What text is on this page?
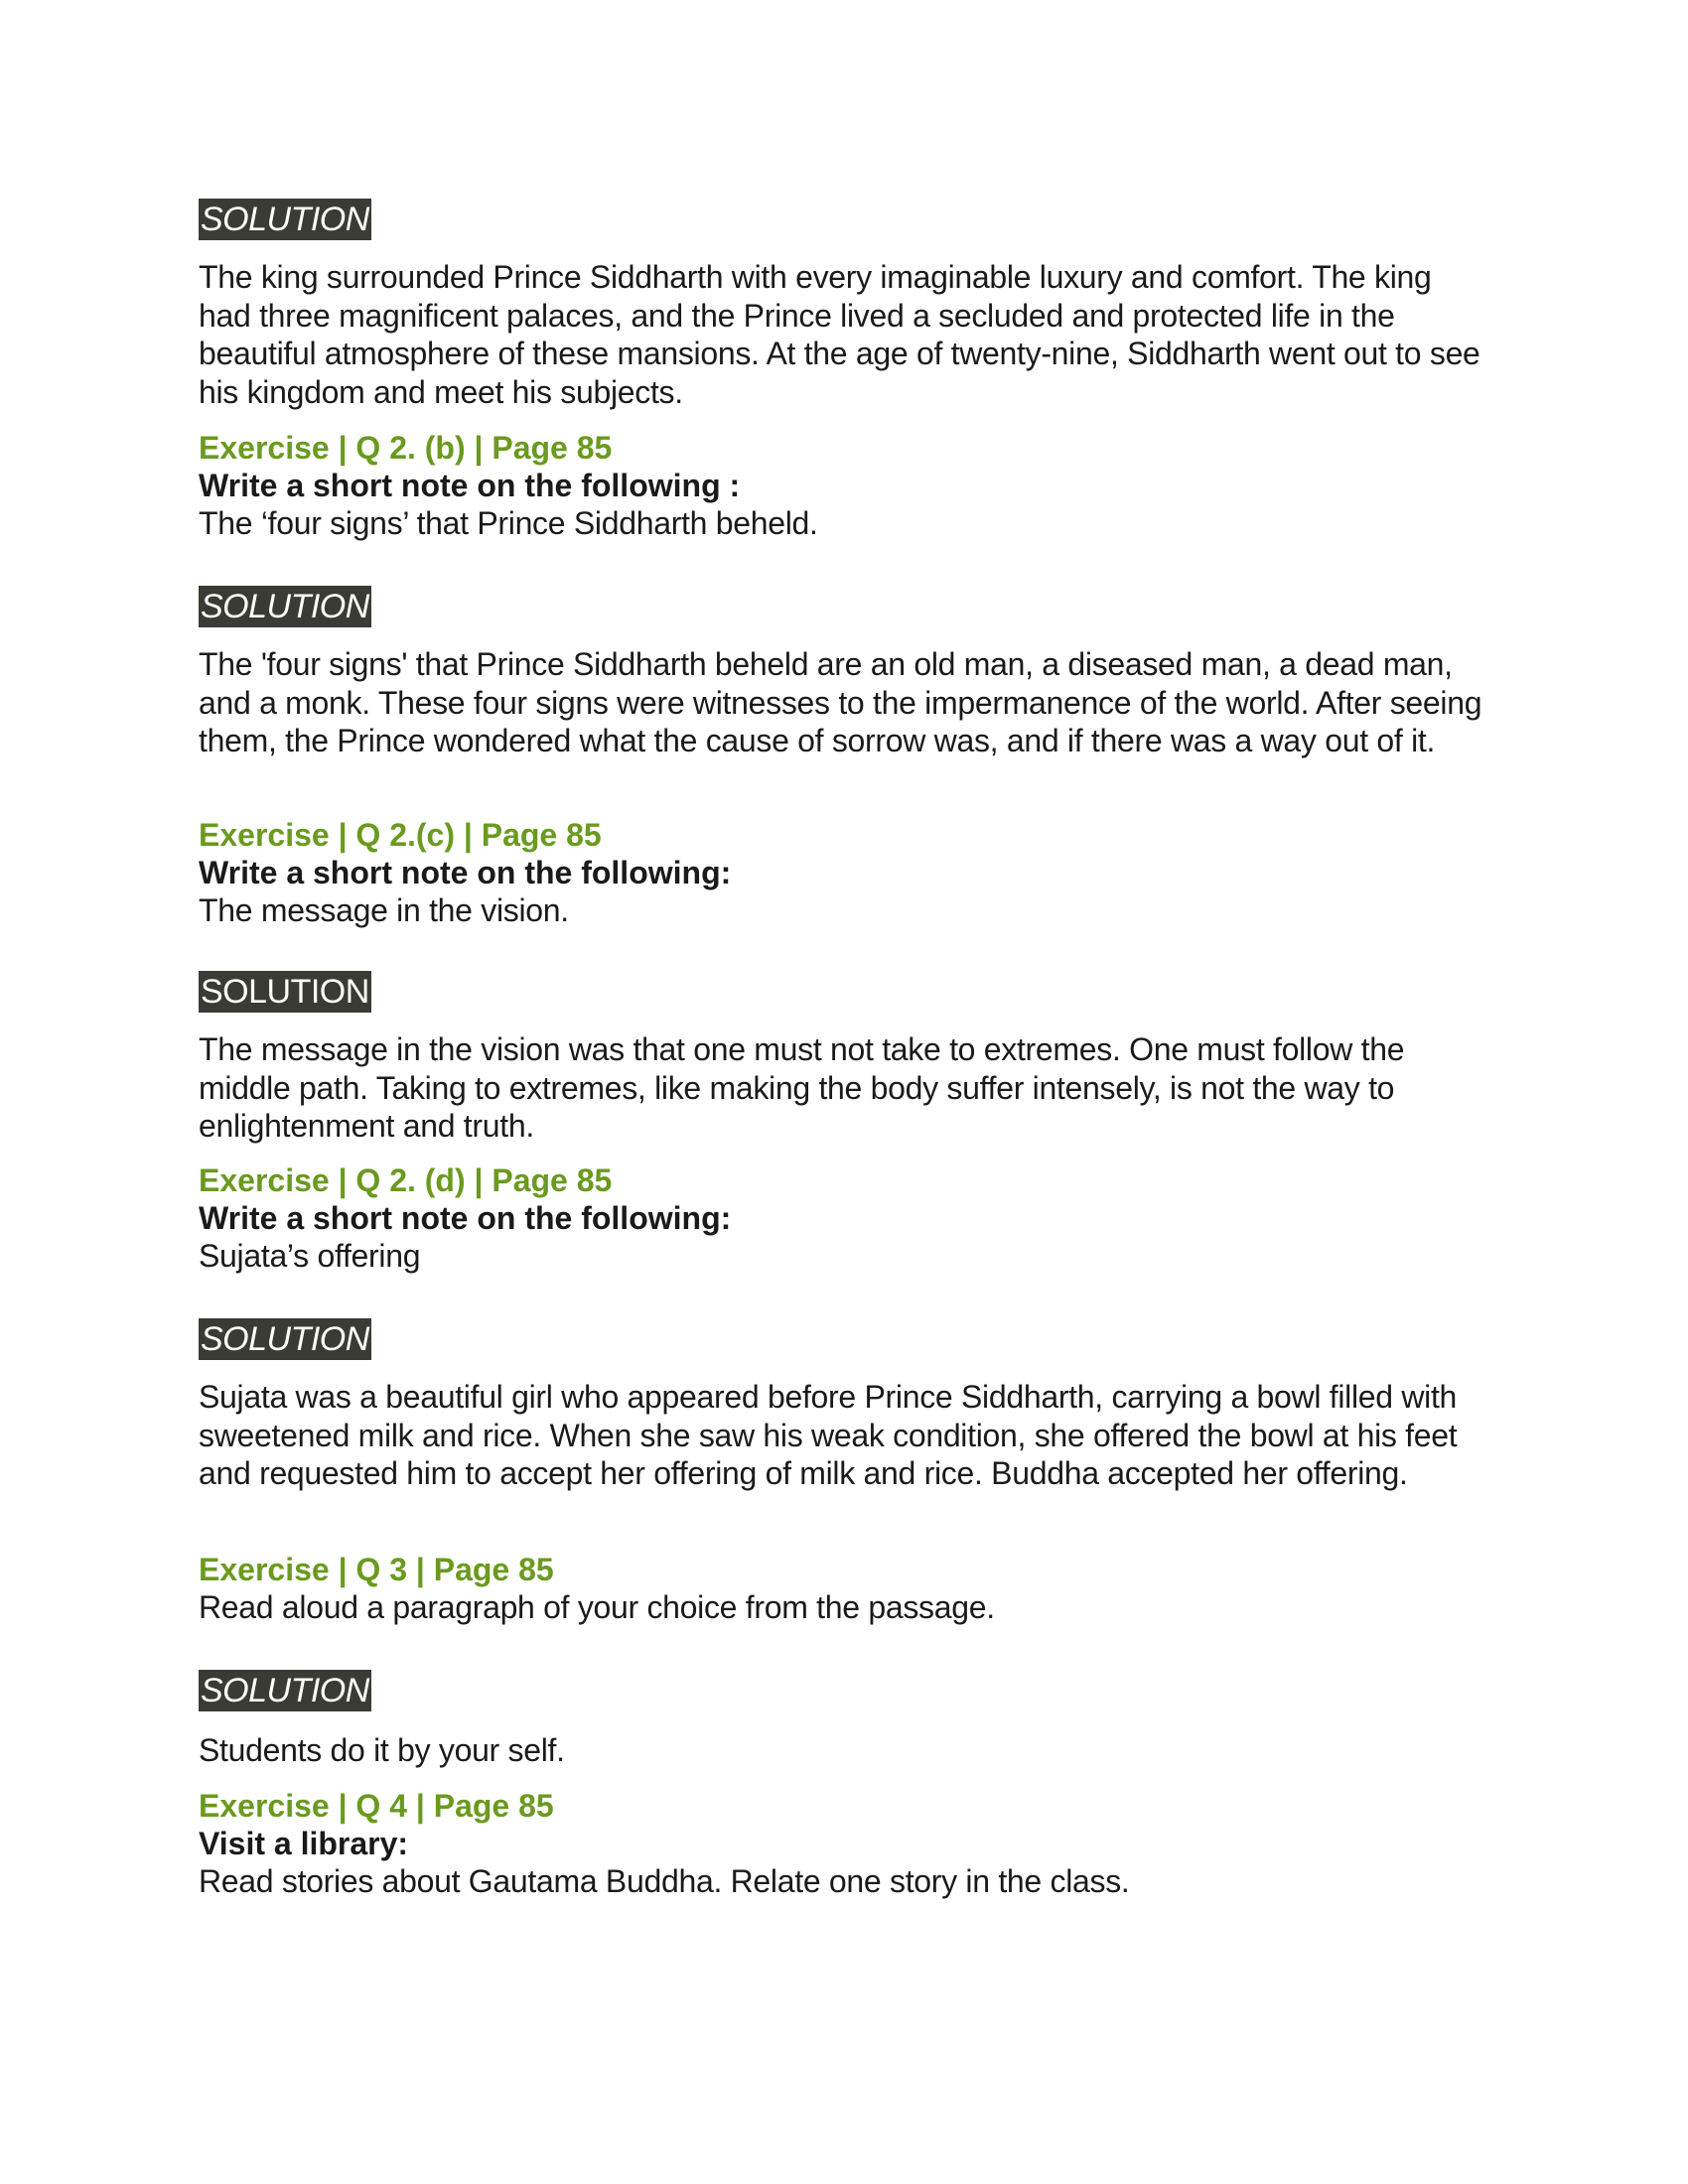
SOLUTION

The king surrounded Prince Siddharth with every imaginable luxury and comfort. The king had three magnificent palaces, and the Prince lived a secluded and protected life in the beautiful atmosphere of these mansions. At the age of twenty-nine, Siddharth went out to see his kingdom and meet his subjects.

Exercise | Q 2. (b) | Page 85

Write a short note on the following :

The ‘four signs’ that Prince Siddharth beheld.

SOLUTION

The 'four signs' that Prince Siddharth beheld are an old man, a diseased man, a dead man, and a monk. These four signs were witnesses to the impermanence of the world. After seeing them, the Prince wondered what the cause of sorrow was, and if there was a way out of it.

Exercise | Q 2.(c) | Page 85

Write a short note on the following:

The message in the vision.

SOLUTION

The message in the vision was that one must not take to extremes. One must follow the middle path. Taking to extremes, like making the body suffer intensely, is not the way to enlightenment and truth.

Exercise | Q 2. (d) | Page 85

Write a short note on the following:

Sujata’s offering

SOLUTION

Sujata was a beautiful girl who appeared before Prince Siddharth, carrying a bowl filled with sweetened milk and rice. When she saw his weak condition, she offered the bowl at his feet and requested him to accept her offering of milk and rice. Buddha accepted her offering.

Exercise | Q 3 | Page 85

Read aloud a paragraph of your choice from the passage.

SOLUTION

Students do it by your self.

Exercise | Q 4 | Page 85

Visit a library:

Read stories about Gautama Buddha. Relate one story in the class.
